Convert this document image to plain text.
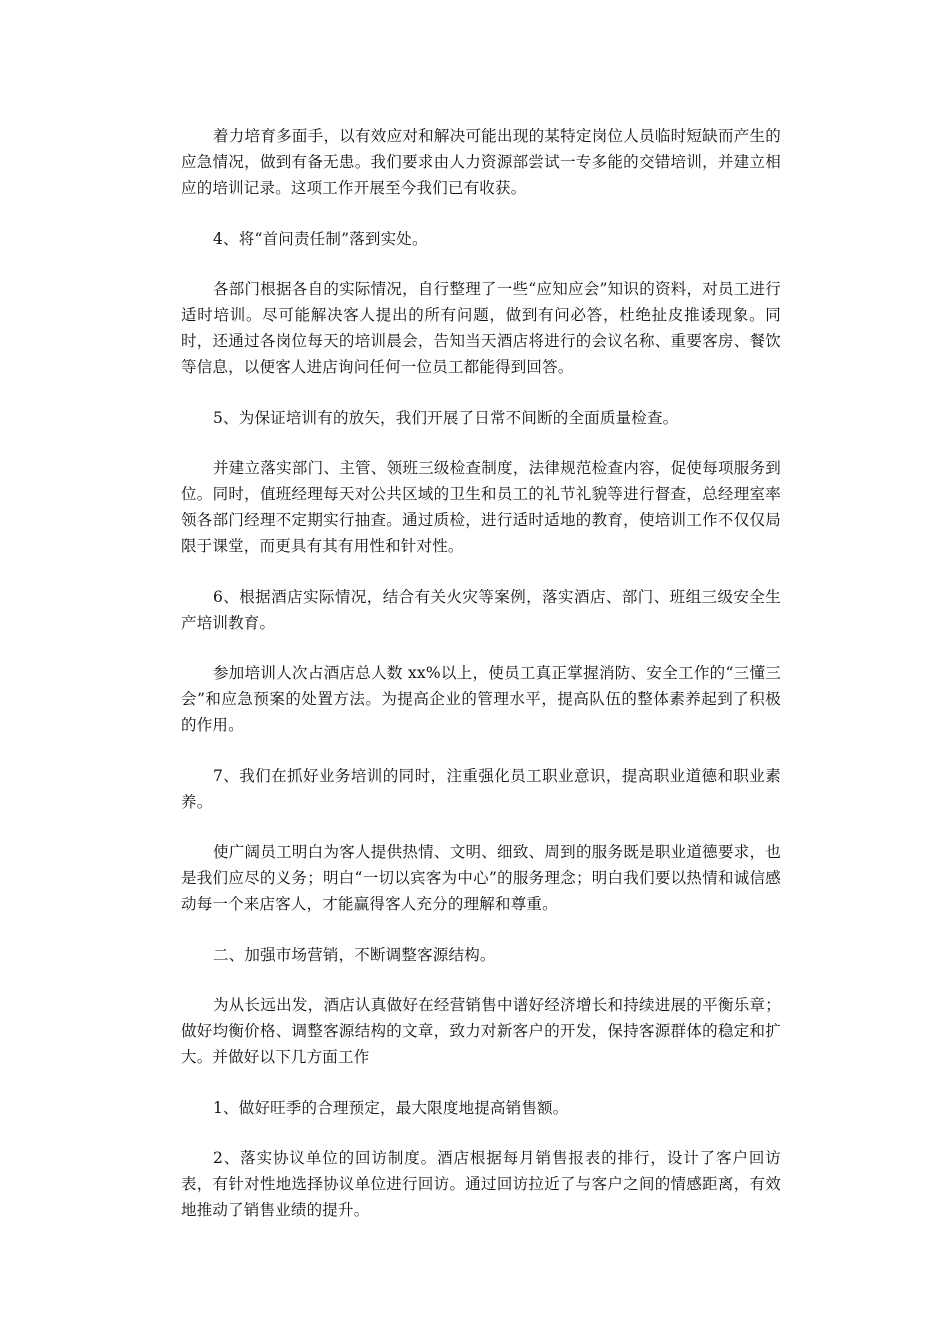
着力培育多面手，以有效应对和解决可能出现的某特定岗位人员临时短缺而产生的应急情况，做到有备无患。我们要求由人力资源部尝试一专多能的交错培训，并建立相应的培训记录。这项工作开展至今我们已有收获。

4、将“首问责任制”落到实处。

各部门根据各自的实际情况，自行整理了一些“应知应会”知识的资料，对员工进行适时培训。尽可能解决客人提出的所有问题，做到有问必答，杜绝扯皮推诿现象。同时，还通过各岗位每天的培训晨会，告知当天酒店将进行的会议名称、重要客房、餐饮等信息，以便客人进店询问任何一位员工都能得到回答。

5、为保证培训有的放矢，我们开展了日常不间断的全面质量检查。

并建立落实部门、主管、领班三级检查制度，法律规范检查内容，促使每项服务到位。同时，值班经理每天对公共区域的卫生和员工的礼节礼貌等进行督查，总经理室率领各部门经理不定期实行抽查。通过质检，进行适时适地的教育，使培训工作不仅仅局限于课堂，而更具有其有用性和针对性。

6、根据酒店实际情况，结合有关火灾等案例，落实酒店、部门、班组三级安全生产培训教育。

参加培训人次占酒店总人数 xx%以上，使员工真正掌握消防、安全工作的“三懂三会”和应急预案的处置方法。为提高企业的管理水平，提高队伍的整体素养起到了积极的作用。

7、我们在抓好业务培训的同时，注重强化员工职业意识，提高职业道德和职业素养。

使广阔员工明白为客人提供热情、文明、细致、周到的服务既是职业道德要求，也是我们应尽的义务；明白“一切以宾客为中心”的服务理念；明白我们要以热情和诚信感动每一个来店客人，才能赢得客人充分的理解和尊重。

二、加强市场营销，不断调整客源结构。

为从长远出发，酒店认真做好在经营销售中谱好经济增长和持续进展的平衡乐章；做好均衡价格、调整客源结构的文章，致力对新客户的开发，保持客源群体的稳定和扩大。并做好以下几方面工作

1、做好旺季的合理预定，最大限度地提高销售额。

2、落实协议单位的回访制度。酒店根据每月销售报表的排行，设计了客户回访表，有针对性地选择协议单位进行回访。通过回访拉近了与客户之间的情感距离，有效地推动了销售业绩的提升。
